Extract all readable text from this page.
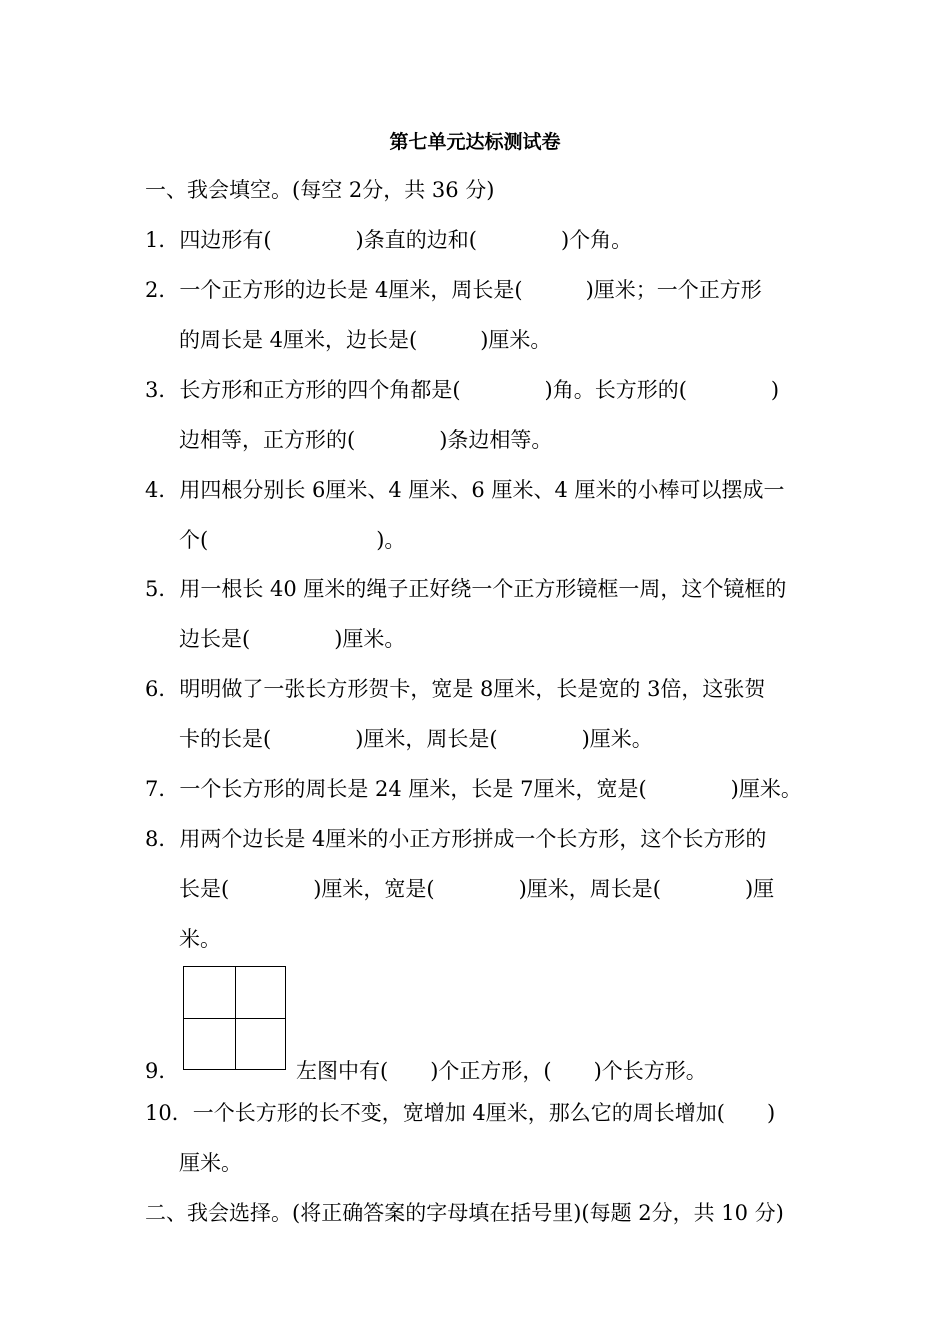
第七单元达标测试卷
一、我会填空。(每空 2分，共 36 分)
1．四边形有(　　　　)条直的边和(　　　　)个角。
2．一个正方形的边长是 4厘米，周长是(　　　)厘米；一个正方形
的周长是 4厘米，边长是(　　　)厘米。
3．长方形和正方形的四个角都是(　　　　)角。长方形的(　　　　)
边相等，正方形的(　　　　)条边相等。
4．用四根分别长 6厘米、4 厘米、6 厘米、4 厘米的小棒可以摆成一
个(　　　　　　　　)。
5．用一根长 40 厘米的绳子正好绕一个正方形镜框一周，这个镜框的
边长是(　　　　)厘米。
6．明明做了一张长方形贺卡，宽是 8厘米，长是宽的 3倍，这张贺
卡的长是(　　　　)厘米，周长是(　　　　)厘米。
7．一个长方形的周长是 24 厘米，长是 7厘米，宽是(　　　　)厘米。
8．用两个边长是 4厘米的小正方形拼成一个长方形，这个长方形的
长是(　　　　)厘米，宽是(　　　　)厘米，周长是(　　　　)厘
米。
9．	左图中有(　　)个正方形，(　　)个长方形。
10．一个长方形的长不变，宽增加 4厘米，那么它的周长增加(　　)
厘米。
二、我会选择。(将正确答案的字母填在括号里)(每题 2分，共 10 分)
